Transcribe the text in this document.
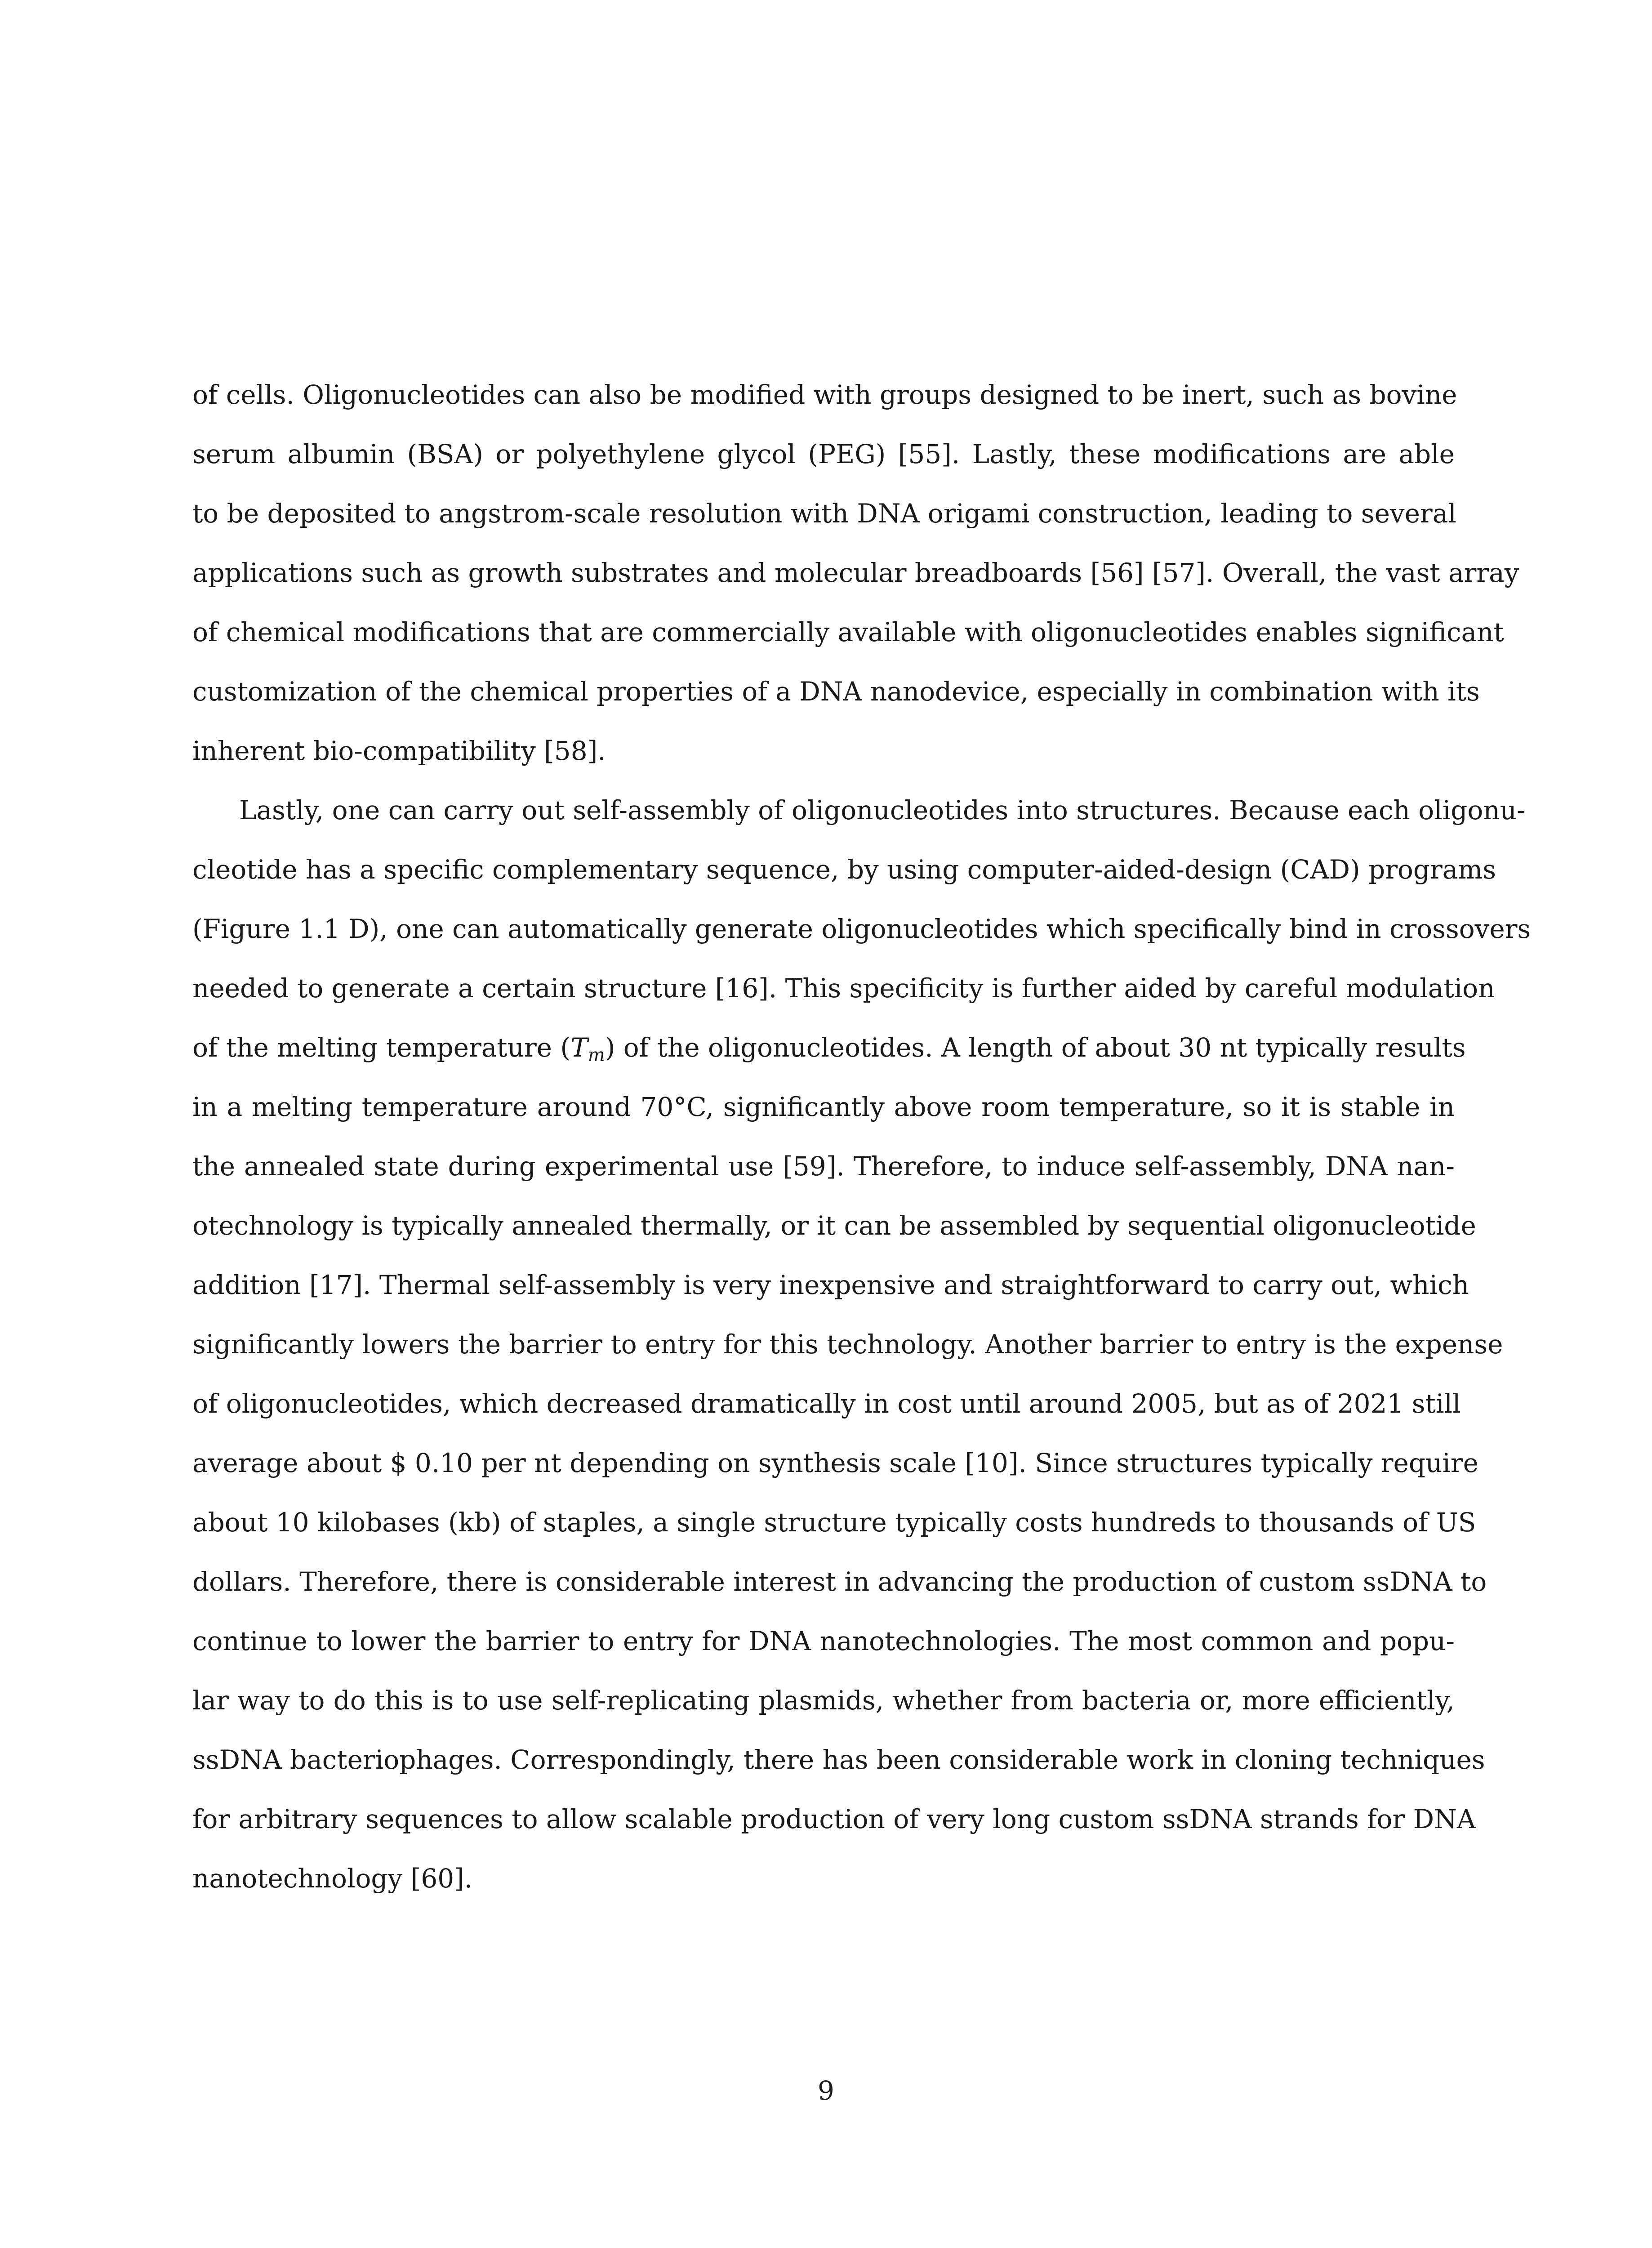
of cells. Oligonucleotides can also be modified with groups designed to be inert, such as bovine
serum albumin (BSA) or polyethylene glycol (PEG) [55]. Lastly, these modifications are able
to be deposited to angstrom-scale resolution with DNA origami construction, leading to several
applications such as growth substrates and molecular breadboards [56] [57]. Overall, the vast array
of chemical modifications that are commercially available with oligonucleotides enables significant
customization of the chemical properties of a DNA nanodevice, especially in combination with its
inherent bio-compatibility [58].
Lastly, one can carry out self-assembly of oligonucleotides into structures. Because each oligonu-
cleotide has a specific complementary sequence, by using computer-aided-design (CAD) programs
(Figure 1.1 D), one can automatically generate oligonucleotides which specifically bind in crossovers
needed to generate a certain structure [16]. This specificity is further aided by careful modulation
of the melting temperature $(T_m)$ of the oligonucleotides. A length of about 30 nt typically results
in a melting temperature around 70°C, significantly above room temperature, so it is stable in
the annealed state during experimental use [59]. Therefore, to induce self-assembly, DNA nan-
otechnology is typically annealed thermally, or it can be assembled by sequential oligonucleotide
addition [17]. Thermal self-assembly is very inexpensive and straightforward to carry out, which
significantly lowers the barrier to entry for this technology. Another barrier to entry is the expense
of oligonucleotides, which decreased dramatically in cost until around 2005, but as of 2021 still
average about $ 0.10 per nt depending on synthesis scale [10]. Since structures typically require
about 10 kilobases (kb) of staples, a single structure typically costs hundreds to thousands of US
dollars. Therefore, there is considerable interest in advancing the production of custom ssDNA to
continue to lower the barrier to entry for DNA nanotechnologies. The most common and popu-
lar way to do this is to use self-replicating plasmids, whether from bacteria or, more efficiently,
ssDNA bacteriophages. Correspondingly, there has been considerable work in cloning techniques
for arbitrary sequences to allow scalable production of very long custom ssDNA strands for DNA
nanotechnology [60].
9
